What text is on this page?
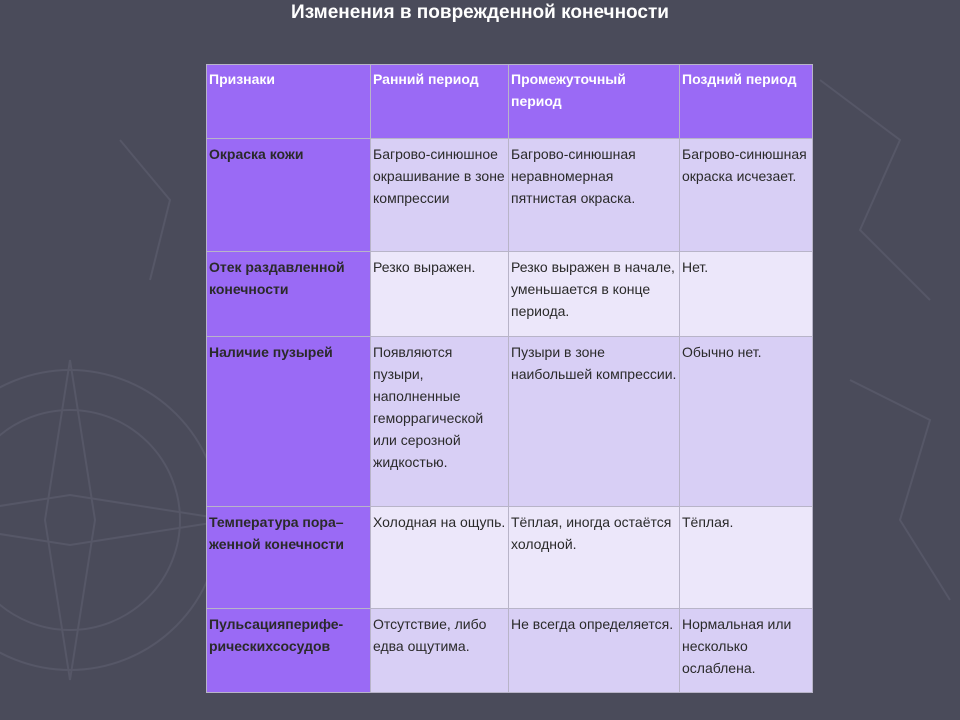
Изменения в поврежденной конечности
Признаки	Ранний период	Промежуточный период	Поздний период
Окраска кожи	Багрово-синюшное окрашивание в зоне компрессии	Багрово-синюшная неравномерная пятнистая окраска.	Багрово-синюшная окраска исчезает.
Отек раздавленной конечности	Резко выражен.	Резко выражен в начале, уменьшается в конце периода.	Нет.
Наличие пузырей	Появляются пузыри, наполненные геморрагической или серозной жидкостью.	Пузыри в зоне наибольшей компрессии.	Обычно нет.
Температура пора–женной конечности	Холодная на ощупь.	Тёплая, иногда остаётся холодной.	Тёплая.
Пульсацияперифе-рическихсосудов	Отсутствие, либо едва ощутима.	Не всегда определяется.	Нормальная или несколько ослаблена.
